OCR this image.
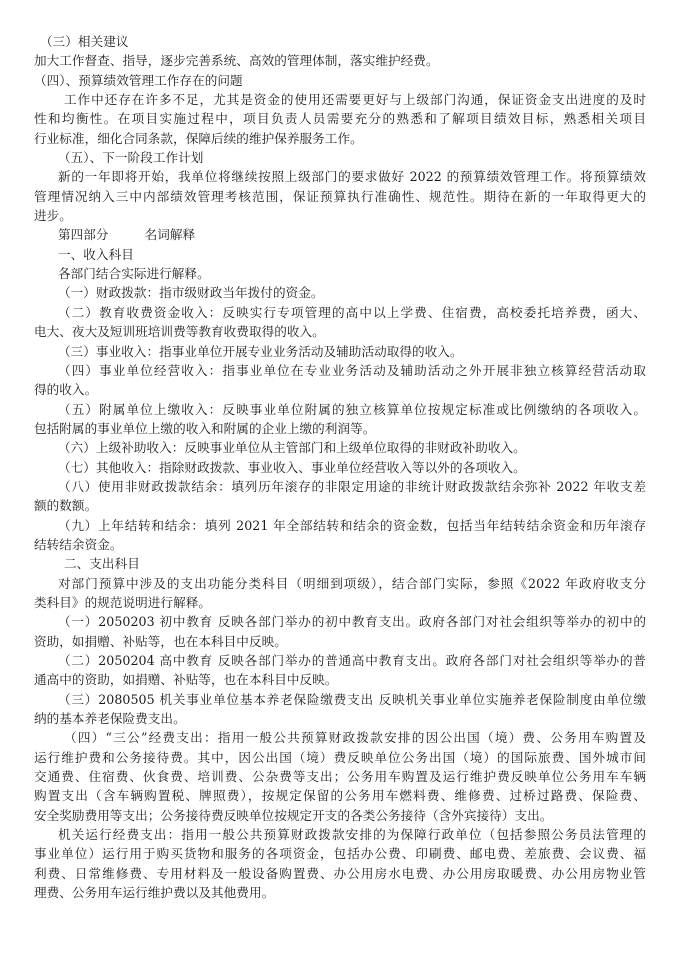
（三）相关建议
加大工作督查、指导，逐步完善系统、高效的管理体制，落实维护经费。
（四）、预算绩效管理工作存在的问题
工作中还存在许多不足，尤其是资金的使用还需要更好与上级部门沟通，保证资金支出进度的及时
性和均衡性。在项目实施过程中，项目负责人员需要充分的熟悉和了解项目绩效目标，熟悉相关项目
行业标准，细化合同条款，保障后续的维护保养服务工作。
（五）、下一阶段工作计划
新的一年即将开始，我单位将继续按照上级部门的要求做好 2022 的预算绩效管理工作。将预算绩效
管理情况纳入三中内部绩效管理考核范围，保证预算执行准确性、规范性。期待在新的一年取得更大的
进步。
第四部分	名词解释
一、收入科目
各部门结合实际进行解释。
（一）财政拨款：指市级财政当年拨付的资金。
（二）教育收费资金收入：反映实行专项管理的高中以上学费、住宿费，高校委托培养费，函大、
电大、夜大及短训班培训费等教育收费取得的收入。
（三）事业收入：指事业单位开展专业业务活动及辅助活动取得的收入。
（四）事业单位经营收入：指事业单位在专业业务活动及辅助活动之外开展非独立核算经营活动取
得的收入。
（五）附属单位上缴收入：反映事业单位附属的独立核算单位按规定标准或比例缴纳的各项收入。
包括附属的事业单位上缴的收入和附属的企业上缴的利润等。
（六）上级补助收入：反映事业单位从主管部门和上级单位取得的非财政补助收入。
（七）其他收入：指除财政拨款、事业收入、事业单位经营收入等以外的各项收入。
（八）使用非财政拨款结余：填列历年滚存的非限定用途的非统计财政拨款结余弥补 2022 年收支差
额的数额。
（九）上年结转和结余：填列 2021 年全部结转和结余的资金数，包括当年结转结余资金和历年滚存
结转结余资金。
二、支出科目
对部门预算中涉及的支出功能分类科目（明细到项级），结合部门实际，参照《2022 年政府收支分
类科目》的规范说明进行解释。
（一）2050203 初中教育 反映各部门举办的初中教育支出。政府各部门对社会组织等举办的初中的
资助，如捐赠、补贴等，也在本科目中反映。
（二）2050204 高中教育 反映各部门举办的普通高中教育支出。政府各部门对社会组织等举办的普
通高中的资助，如捐赠、补贴等，也在本科目中反映。
（三）2080505 机关事业单位基本养老保险缴费支出 反映机关事业单位实施养老保险制度由单位缴
纳的基本养老保险费支出。
（四）“三公”经费支出：指用一般公共预算财政拨款安排的因公出国（境）费、公务用车购置及
运行维护费和公务接待费。其中，因公出国（境）费反映单位公务出国（境）的国际旅费、国外城市间
交通费、住宿费、伙食费、培训费、公杂费等支出；公务用车购置及运行维护费反映单位公务用车车辆
购置支出（含车辆购置税、牌照费），按规定保留的公务用车燃料费、维修费、过桥过路费、保险费、
安全奖励费用等支出；公务接待费反映单位按规定开支的各类公务接待（含外宾接待）支出。
机关运行经费支出：指用一般公共预算财政拨款安排的为保障行政单位（包括参照公务员法管理的
事业单位）运行用于购买货物和服务的各项资金，包括办公费、印刷费、邮电费、差旅费、会议费、福
利费、日常维修费、专用材料及一般设备购置费、办公用房水电费、办公用房取暖费、办公用房物业管
理费、公务用车运行维护费以及其他费用。
